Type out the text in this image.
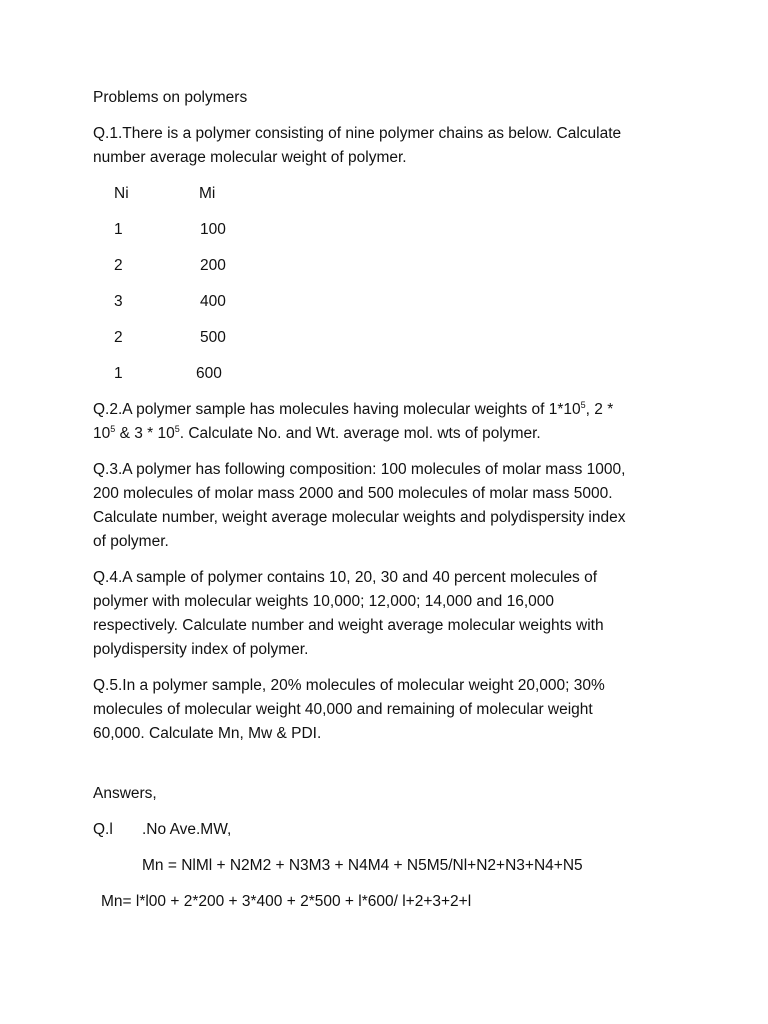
Problems on polymers
Q.1.There is a polymer consisting of nine polymer chains as below. Calculate
number average molecular weight of polymer.
Ni	Mi
1	100
2	200
3	400
2	500
1	600
Q.2.A polymer sample has molecules having molecular weights of $1*10^5$, 2 *
$10^5$ & $3 * 10^5$. Calculate No. and Wt. average mol. wts of polymer.
Q.3.A polymer has following composition: 100 molecules of molar mass 1000,
200 molecules of molar mass 2000 and 500 molecules of molar mass 5000.
Calculate number, weight average molecular weights and polydispersity index
of polymer.
Q.4.A sample of polymer contains 10, 20, 30 and 40 percent molecules of
polymer with molecular weights 10,000; 12,000; 14,000 and 16,000
respectively. Calculate number and weight average molecular weights with
polydispersity index of polymer.
Q.5.In a polymer sample, 20% molecules of molecular weight 20,000; 30%
molecules of molecular weight 40,000 and remaining of molecular weight
60,000. Calculate Mn, Mw & PDI.
Answers,
Q.l .No Ave.MW,
Mn = NlMl + N2M2 + N3M3 + N4M4 + N5M5/Nl+N2+N3+N4+N5
Mn= l*l00 + 2*200 + 3*400 + 2*500 + l*600/ l+2+3+2+l
